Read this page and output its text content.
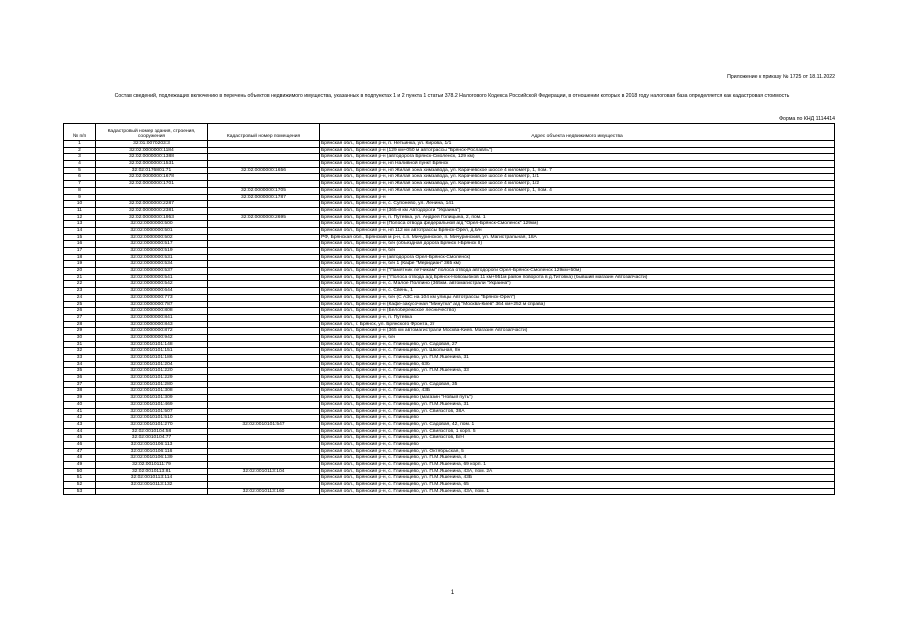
Приложение к приказу № 1725 от 18.11.2022
Состав сведений, подлежащих включению в перечень объектов недвижимого имущества, указанных в подпунктах 1 и 2 пункта 1 статьи 378.2 Налогового Кодекса Российской Федерации, в отношении которых в 2018 году налоговая база определяется как кадастровая стоимость
Форма по КНД 1114414
№ п/п	Кадастровый номер здания, строения, сооружения	Кадастровый номер помещения	Адрес объекта недвижимого имущества
1	32:01:0070203:3		Брянская обл., Брянский р-н, п. Нетьинка, ул. Кирова, 1/1
2	32:02:0000000:1184		Брянская обл., Брянский р-н (129 км+050 м автотрассы "Брянск-Рославль")
3	32:02:0000000:1388		Брянская обл., Брянский р-н (автодорога Брянск-Смоленск, 129 км)
4	32:02:0000000:1531		Брянская обл., Брянский р-н, нп Наливной пункт Брянск
5	32:02:0176801:71	32:02:0000000:1656	Брянская обл., Брянский р-н, нп Жилая зона химзавода, ул. Карачевское шоссе 4 километр, 1, пом. 7
6	32:02:0000000:1678		Брянская обл., Брянский р-н, нп Жилая зона химзавода, ул. Карачевское шоссе 4 километр, 1/1
7	32:02:0000000:1701		Брянская обл., Брянский р-н, нп Жилая зона химзавода, ул. Карачевское шоссе 4 километр, 1/2
8		32:02:0000000:1705	Брянская обл., Брянский р-н, нп Жилая зона химзавода, ул. Карачевское шоссе 4 километр, 1, пом. 4
9		32:02:0000000:1787	Брянская обл., Брянский р-н
10	32:02:0000000:2287		Брянская обл., Брянский р-н, с. Супонево, ул. Ленина, 141
11	32:02:0000000:2381		Брянская обл., Брянский р-н (365-й км Автодороги "Украина")
12	32:02:0000000:1953	32:02:0000000:2695	Брянская обл., Брянский р-н, п. Путевка, ул. Андрея Голицына, 2, пом. 1
13	32:02:0000000:500		Брянская обл., Брянский р-н (Полоса отвода федеральной а/д "Орел-Брянск-Смоленск" 129км)
14	32:02:0000000:501		Брянская обл., Брянский р-н, нп 112 км автотрассы Брянск-Орел, д.б/н
15	32:02:0000000:502		РФ, Брянская обл., Брянский м р-н, с.п. Мичуринское, п. Мичуринский, ул. Магистральная, 18А
16	32:02:0000000:517		Брянская обл., Брянский р-н, б/н (объездная дорога Брянск I-Брянск II)
17	32:02:0000000:519		Брянская обл., Брянский р-н, б/н
18	32:02:0000000:531		Брянская обл., Брянский р-н (автодорога Орел-Брянск-Смоленск)
19	32:02:0000000:534		Брянская обл., Брянский р-н, б/н 1 (Кафе "Меридиан" 365 км)
20	32:02:0000000:537		Брянская обл., Брянский р-н ("Памятник летчикам" полоса отвода автодороги Орел-Брянск-Смоленск 129км+50м)
21	32:02:0000000:541		Брянская обл., Брянский р-н ("Полоса отвода а/д Брянск-Новозыбков 11 км+951м район поворота в д.Титовка) (бывший магазин Автозапчасти)
22	32:02:0000000:542		Брянская обл., Брянский р-н, с. Малое Полпино (365км. автомагистрали "Украина")
23	32:02:0000000:644		Брянская обл., Брянский р-н, с. Свень, 1
24	32:02:0000000:773		Брянская обл., Брянский р-н, б/н (С АЗС на 104 км улицы Автотрассы "Брянск-Орел")
25	32:02:0000000:787		Брянская обл., Брянский р-н (Кафе-закусочная "Минутка" а/д "Москва-Киев" 364 км+252 м справа)
26	32:02:0000000:808		Брянская обл., Брянский р-н (Белобережское лесничество)
27	32:02:0000000:841		Брянская обл., Брянский р-н, п. Путевка
28	32:02:0000000:843		Брянская обл., г. Брянск, ул. Брянского Фронта, 2г
29	32:02:0000000:872		Брянская обл., Брянский р-н (365 км автомагистрали Москва-Киев. Магазин Автозапчасти)
30	32:02:0000000:942		Брянская обл., Брянский р-н, б/н
31	32:02:0010101:148		Брянская обл., Брянский р-н, с. Глинищево, ул. Садовая, 27
32	32:02:0010101:151		Брянская обл., Брянский р-н, с. Глинищево, ул. Школьная, 8н
33	32:02:0010101:186		Брянская обл., Брянский р-н, с. Глинищево, ул. П.М.Яшенина, 31
34	32:02:0010101:204		Брянская обл., Брянский р-н, с. Глинищево, 63б
35	32:02:0010101:220		Брянская обл., Брянский р-н, с. Глинищево, ул. П.М.Яшенина, 33
36	32:02:0010101:229		Брянская обл., Брянский р-н, с. Глинищево
37	32:02:0010101:280		Брянская обл., Брянский р-н, с. Глинищево, ул. Садовая, 35
38	32:02:0010101:308		Брянская обл., Брянский р-н, с. Глинищево, 43Б
39	32:02:0010101:309		Брянская обл., Брянский р-н, с. Глинищево (магазин "Новый путь")
40	32:02:0010101:469		Брянская обл., Брянский р-н, с. Глинищево, ул. П.М.Яшенина, 31
41	32:02:0010101:507		Брянская обл., Брянский р-н, с. Глинищево, ул. Свиязстов, 38А
42	32:02:0010101:510		Брянская обл., Брянский р-н, с. Глинищево
43	32:02:0010101:270	32:02:0010101:547	Брянская обл., Брянский р-н, с. Глинищево, ул. Садовая, 42, пом. 1
44	32:02:0010104:58		Брянская обл., Брянский р-н, с. Глинищево, ул. Свиязстов, 1 корп. 5
45	32:02:0010104:77		Брянская обл., Брянский р-н, с. Глинищево, ул. Свиязстов, Б/Н
46	32:02:0010106:113		Брянская обл., Брянский р-н, с. Глинищево
47	32:02:0010106:116		Брянская обл., Брянский р-н, с. Глинищево, ул. Октябрьская, 5
48	32:02:0010106:139		Брянская обл., Брянский р-н, с. Глинищево, ул. П.М.Яшенина, 4
49	32:02:0010111:79		Брянская обл., Брянский р-н, с. Глинищево, ул. П.М.Яшенина, 69 корп. 1
50	32:02:0010113:81	32:02:0010113:104	Брянская обл., Брянский р-н, с. Глинищево, ул. П.М.Яшенина, 43А, пом. 2А
51	32:02:0010113:114		Брянская обл., Брянский р-н, с. Глинищево, ул. П.М.Яшенина, 43Б
52	32:02:0010113:132		Брянская обл., Брянский р-н, с. Глинищево, ул. П.М.Яшенина, 65
53		32:02:0010113:160	Брянская обл., Брянский р-н, с. Глинищево, ул. П.М.Яшенина, 43А, пом. 1
1
